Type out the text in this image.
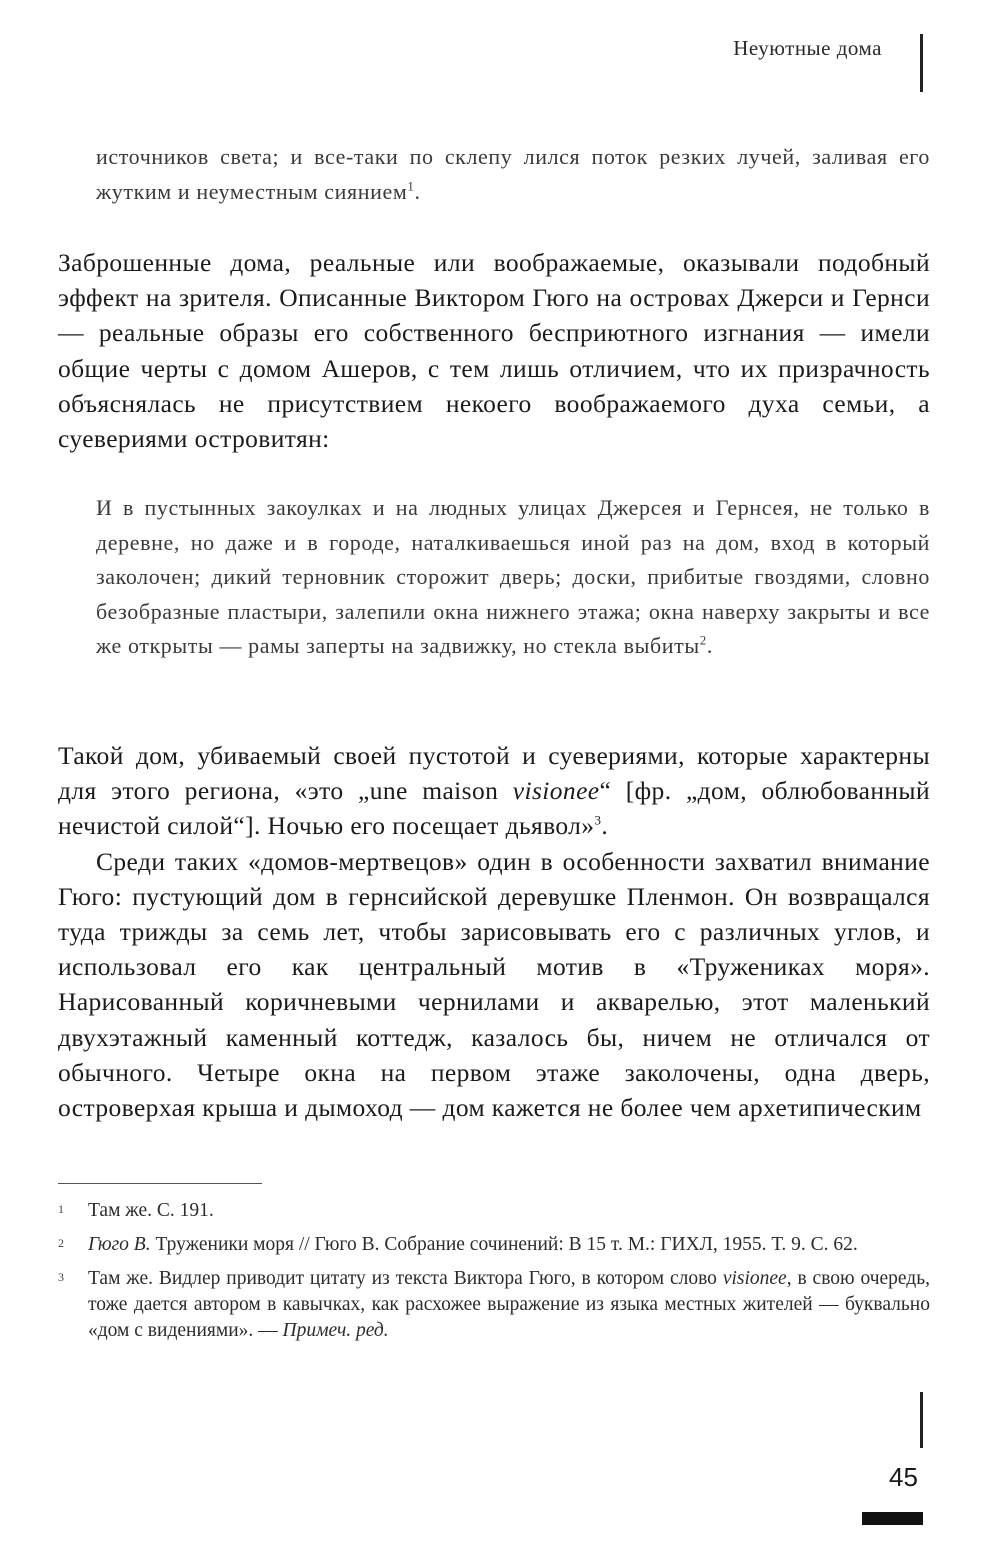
Неуютные дома
источников света; и все-таки по склепу лился поток резких лучей, заливая его жутким и неуместным сиянием$^1$.

Заброшенные дома, реальные или воображаемые, оказывали подобный эффект на зрителя. Описанные Виктором Гюго на островах Джерси и Гернси — реальные образы его собственного бесприютного изгнания — имели общие черты с домом Ашеров, с тем лишь отличием, что их призрачность объяснялась не присутствием некоего воображаемого духа семьи, а суевериями островитян:

И в пустынных закоулках и на людных улицах Джерсея и Гернсея, не только в деревне, но даже и в городе, наталкиваешься иной раз на дом, вход в который заколочен; дикий терновник сторожит дверь; доски, прибитые гвоздями, словно безобразные пластыри, залепили окна нижнего этажа; окна наверху закрыты и все же открыты — рамы заперты на задвижку, но стекла выбиты$^2$.

Такой дом, убиваемый своей пустотой и суевериями, которые характерны для этого региона, «это „une maison visionee“ [фр. „дом, облюбованный нечистой силой“]. Ночью его посещает дьявол»$^3$.

Среди таких «домов-мертвецов» один в особенности захватил внимание Гюго: пустующий дом в гернсийской деревушке Пленмон. Он возвращался туда трижды за семь лет, чтобы зарисовывать его с различных углов, и использовал его как центральный мотив в «Тружениках моря». Нарисованный коричневыми чернилами и акварелью, этот маленький двухэтажный каменный коттедж, казалось бы, ничем не отличался от обычного. Четыре окна на первом этаже заколочены, одна дверь, островерхая крыша и дымоход — дом кажется не более чем архетипическим

1 Там же. С. 191.
2 Гюго В. Труженики моря // Гюго В. Собрание сочинений: В 15 т. М.: ГИХЛ, 1955. Т. 9. С. 62.
3 Там же. Видлер приводит цитату из текста Виктора Гюго, в котором слово visionee, в свою очередь, тоже дается автором в кавычках, как расхожее выражение из языка местных жителей — буквально «дом с видениями». — Примеч. ред.
45
